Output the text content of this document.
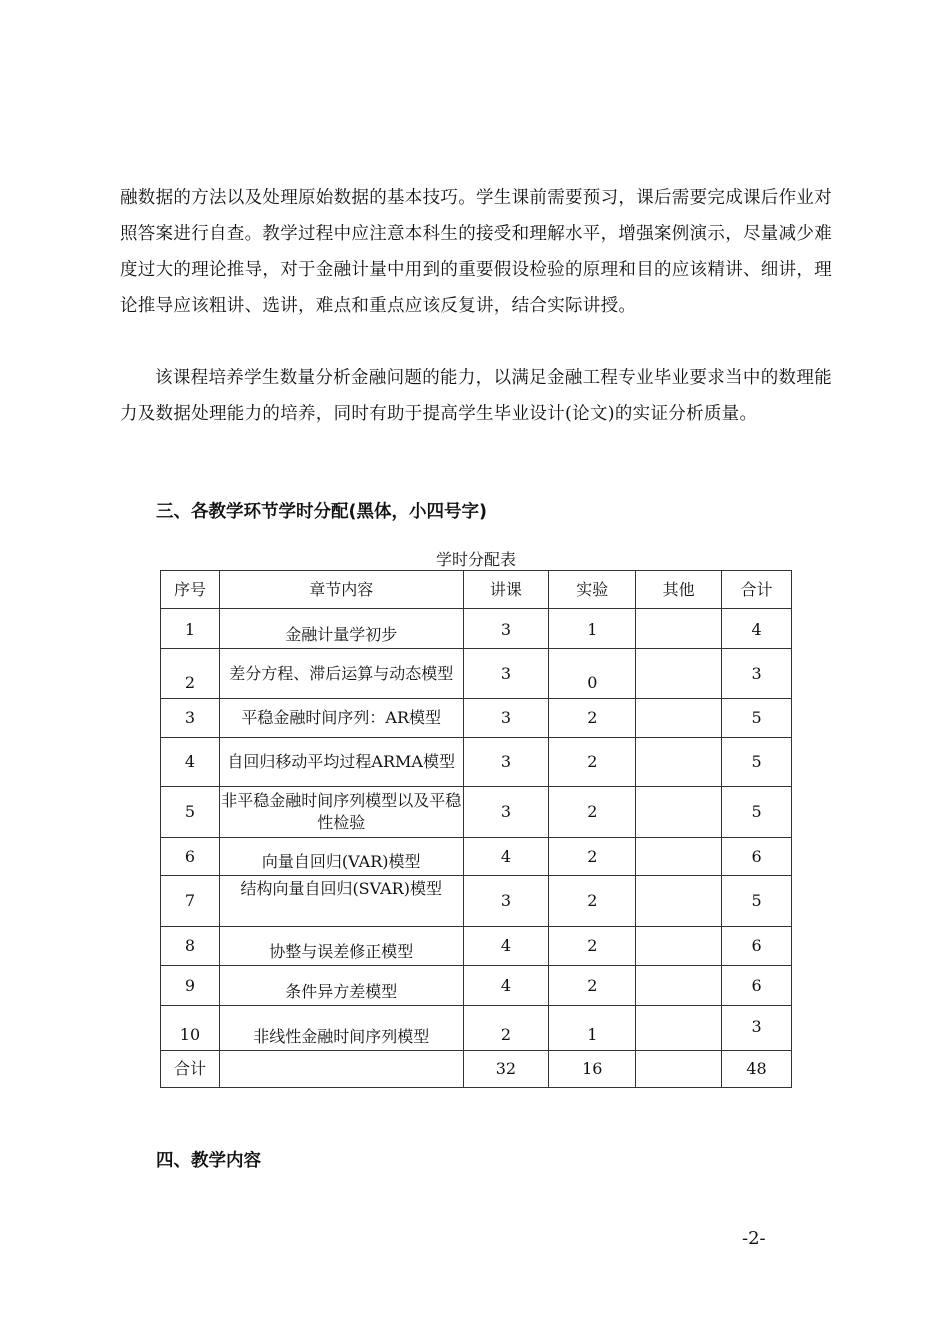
融数据的方法以及处理原始数据的基本技巧。学生课前需要预习，课后需要完成课后作业对照答案进行自查。教学过程中应注意本科生的接受和理解水平，增强案例演示，尽量减少难度过大的理论推导，对于金融计量中用到的重要假设检验的原理和目的应该精讲、细讲，理论推导应该粗讲、选讲，难点和重点应该反复讲，结合实际讲授。

该课程培养学生数量分析金融问题的能力，以满足金融工程专业毕业要求当中的数理能力及数据处理能力的培养，同时有助于提高学生毕业设计(论文)的实证分析质量。

三、各教学环节学时分配(黑体，小四号字)
学时分配表
序号	章节内容	讲课	实验	其他	合计
1	金融计量学初步	3	1		4
2	差分方程、滞后运算与动态模型	3	0		3
3	平稳金融时间序列：AR模型	3	2		5
4	自回归移动平均过程ARMA模型	3	2		5
5	非平稳金融时间序列模型以及平稳性检验	3	2		5
6	向量自回归(VAR)模型	4	2		6
7	结构向量自回归(SVAR)模型	3	2		5
8	协整与误差修正模型	4	2		6
9	条件异方差模型	4	2		6
10	非线性金融时间序列模型	2	1		3
合计		32	16		48
四、教学内容
-2-
